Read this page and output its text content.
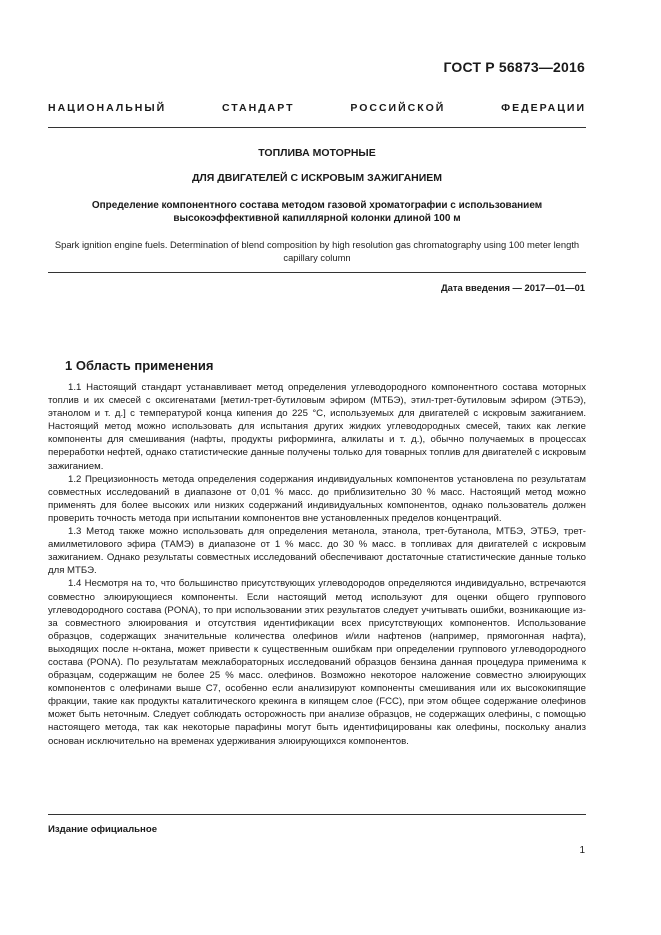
ГОСТ Р 56873—2016
НАЦИОНАЛЬНЫЙ СТАНДАРТ РОССИЙСКОЙ ФЕДЕРАЦИИ
ТОПЛИВА МОТОРНЫЕ
ДЛЯ ДВИГАТЕЛЕЙ С ИСКРОВЫМ ЗАЖИГАНИЕМ
Определение компонентного состава методом газовой хроматографии с использованием высокоэффективной капиллярной колонки длиной 100 м
Spark ignition engine fuels. Determination of blend composition by high resolution gas chromatography using 100 meter length capillary column
Дата введения — 2017—01—01
1 Область применения

1.1 Настоящий стандарт устанавливает метод определения углеводородного компонентного состава моторных топлив и их смесей с оксигенатами [метил-трет-бутиловым эфиром (МТБЭ), этил-трет-бутиловым эфиром (ЭТБЭ), этанолом и т. д.] с температурой конца кипения до 225 °С, используемых для двигателей с искровым зажиганием. Настоящий метод можно использовать для испытания других жидких углеводородных смесей, таких как легкие компоненты для смешивания (нафты, продукты риформинга, алкилаты и т. д.), обычно получаемых в процессах переработки нефтей, однако статистические данные получены только для товарных топлив для двигателей с искровым зажиганием.

1.2 Прецизионность метода определения содержания индивидуальных компонентов установлена по результатам совместных исследований в диапазоне от 0,01 % масс. до приблизительно 30 % масс. Настоящий метод можно применять для более высоких или низких содержаний индивидуальных компонентов, однако пользователь должен проверить точность метода при испытании компонентов вне установленных пределов концентраций.

1.3 Метод также можно использовать для определения метанола, этанола, трет-бутанола, МТБЭ, ЭТБЭ, трет-амилметилового эфира (ТАМЭ) в диапазоне от 1 % масс. до 30 % масс. в топливах для двигателей с искровым зажиганием. Однако результаты совместных исследований обеспечивают достаточные статистические данные только для МТБЭ.

1.4 Несмотря на то, что большинство присутствующих углеводородов определяются индивидуально, встречаются совместно элюирующиеся компоненты. Если настоящий метод используют для оценки общего группового углеводородного состава (PONA), то при использовании этих результатов следует учитывать ошибки, возникающие из-за совместного элюирования и отсутствия идентификации всех присутствующих компонентов. Использование образцов, содержащих значительные количества олефинов и/или нафтенов (например, прямогонная нафта), выходящих после н-октана, может привести к существенным ошибкам при определении группового углеводородного состава (PONA). По результатам межлабораторных исследований образцов бензина данная процедура применима к образцам, содержащим не более 25 % масс. олефинов. Возможно некоторое наложение совместно элюирующих компонентов с олефинами выше С7, особенно если анализируют компоненты смешивания или их высококипящие фракции, такие как продукты каталитического крекинга в кипящем слое (FCC), при этом общее содержание олефинов может быть неточным. Следует соблюдать осторожность при анализе образцов, не содержащих олефины, с помощью настоящего метода, так как некоторые парафины могут быть идентифицированы как олефины, поскольку анализ основан исключительно на временах удерживания элюирующихся компонентов.

Издание официальное
1
